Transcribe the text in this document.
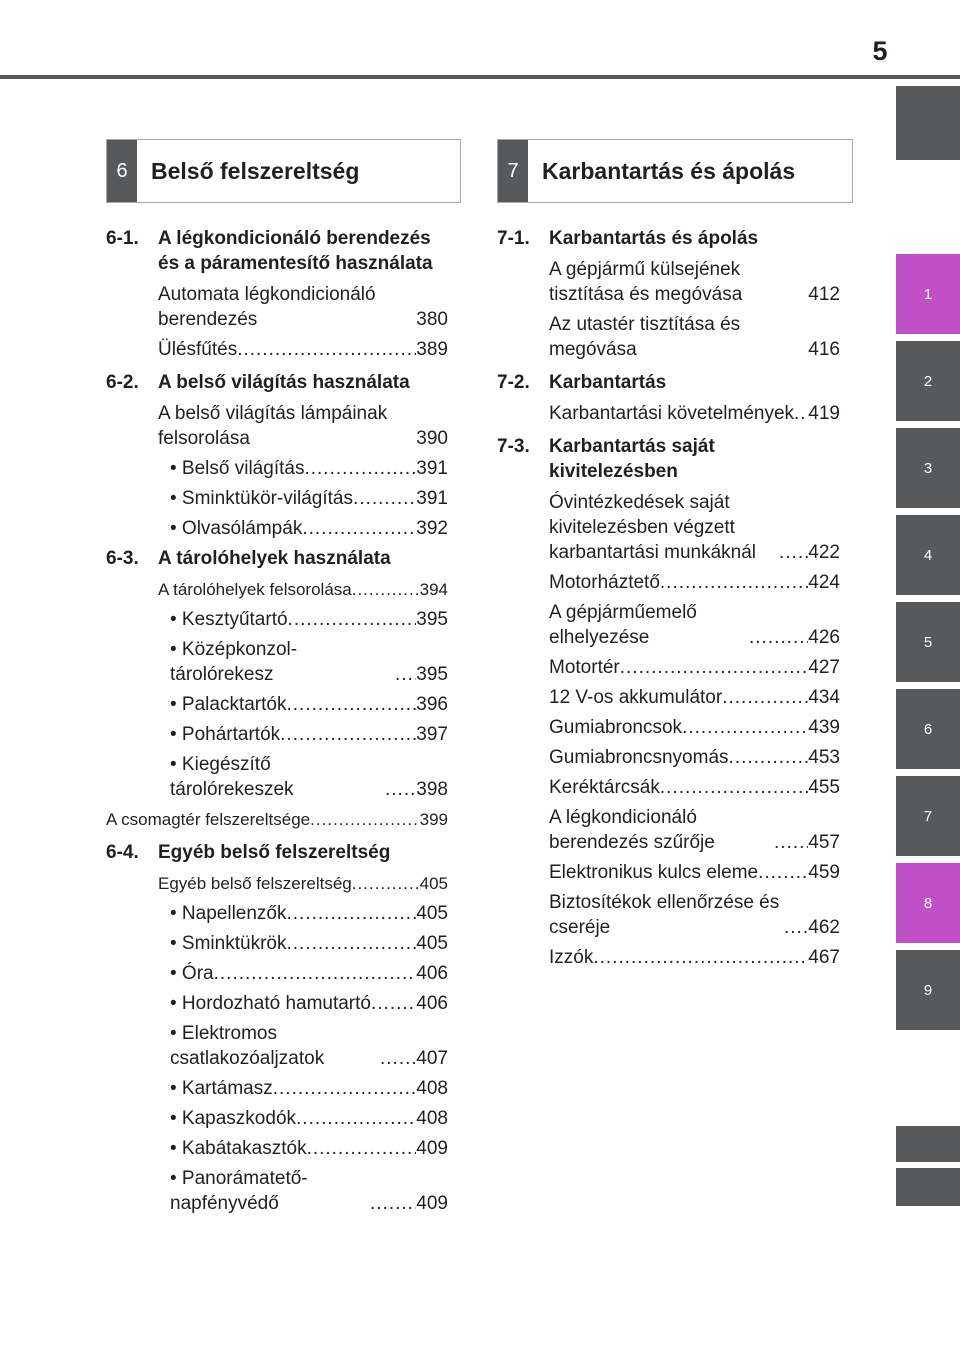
5
1
2
3
4
5
6
7
8
9
6	Belső felszereltség	7	Karbantartás és ápolás
6-1.	A légkondicionáló berendezés és a páramentesítő használata
Automata légkondicionáló berendezés	380
Ülésfűtés .....	389
6-2.	A belső világítás használata
A belső világítás lámpáinak felsorolása	390
• Belső világítás .....	391
• Sminktükör-világítás .....	391
• Olvasólámpák .....	392
6-3.	A tárolóhelyek használata
A tárolóhelyek felsorolása .....	394
• Kesztyűtartó .....	395
• Középkonzol-tárolórekesz .....	395
• Palacktartók .....	396
• Pohártartók .....	397
• Kiegészítő tárolórekeszek .....	398
A csomagtér felszereltsége .....	399
6-4.	Egyéb belső felszereltség
Egyéb belső felszereltség .....	405
• Napellenzők .....	405
• Sminktükrök .....	405
• Óra .....	406
• Hordozható hamutartó ..... 406
• Elektromos csatlakozóaljzatok .....	407
• Kartámasz .....	408
• Kapaszkodók .....	408
• Kabátakasztók .....	409
• Panorámatető-napfényvédő .....	409
7-1.	Karbantartás és ápolás
A gépjármű külsejének tisztítása és megóvása	412
Az utastér tisztítása és megóvása	416
7-2.	Karbantartás
Karbantartási követelmények ..... 419
7-3.	Karbantartás saját kivitelezésben
Óvintézkedések saját kivitelezésben végzett karbantartási munkáknál .....	422
Motorháztető .....	424
A gépjárműemelő elhelyezése .....	426
Motortér .....	427
12 V-os akkumulátor .....	434
Gumiabroncsok .....	439
Gumiabroncsnyomás .....	453
Keréktárcsák .....	455
A légkondicionáló berendezés szűrője .....	457
Elektronikus kulcs eleme .....	459
Biztosítékok ellenőrzése és cseréje .....	462
Izzók .....	467
